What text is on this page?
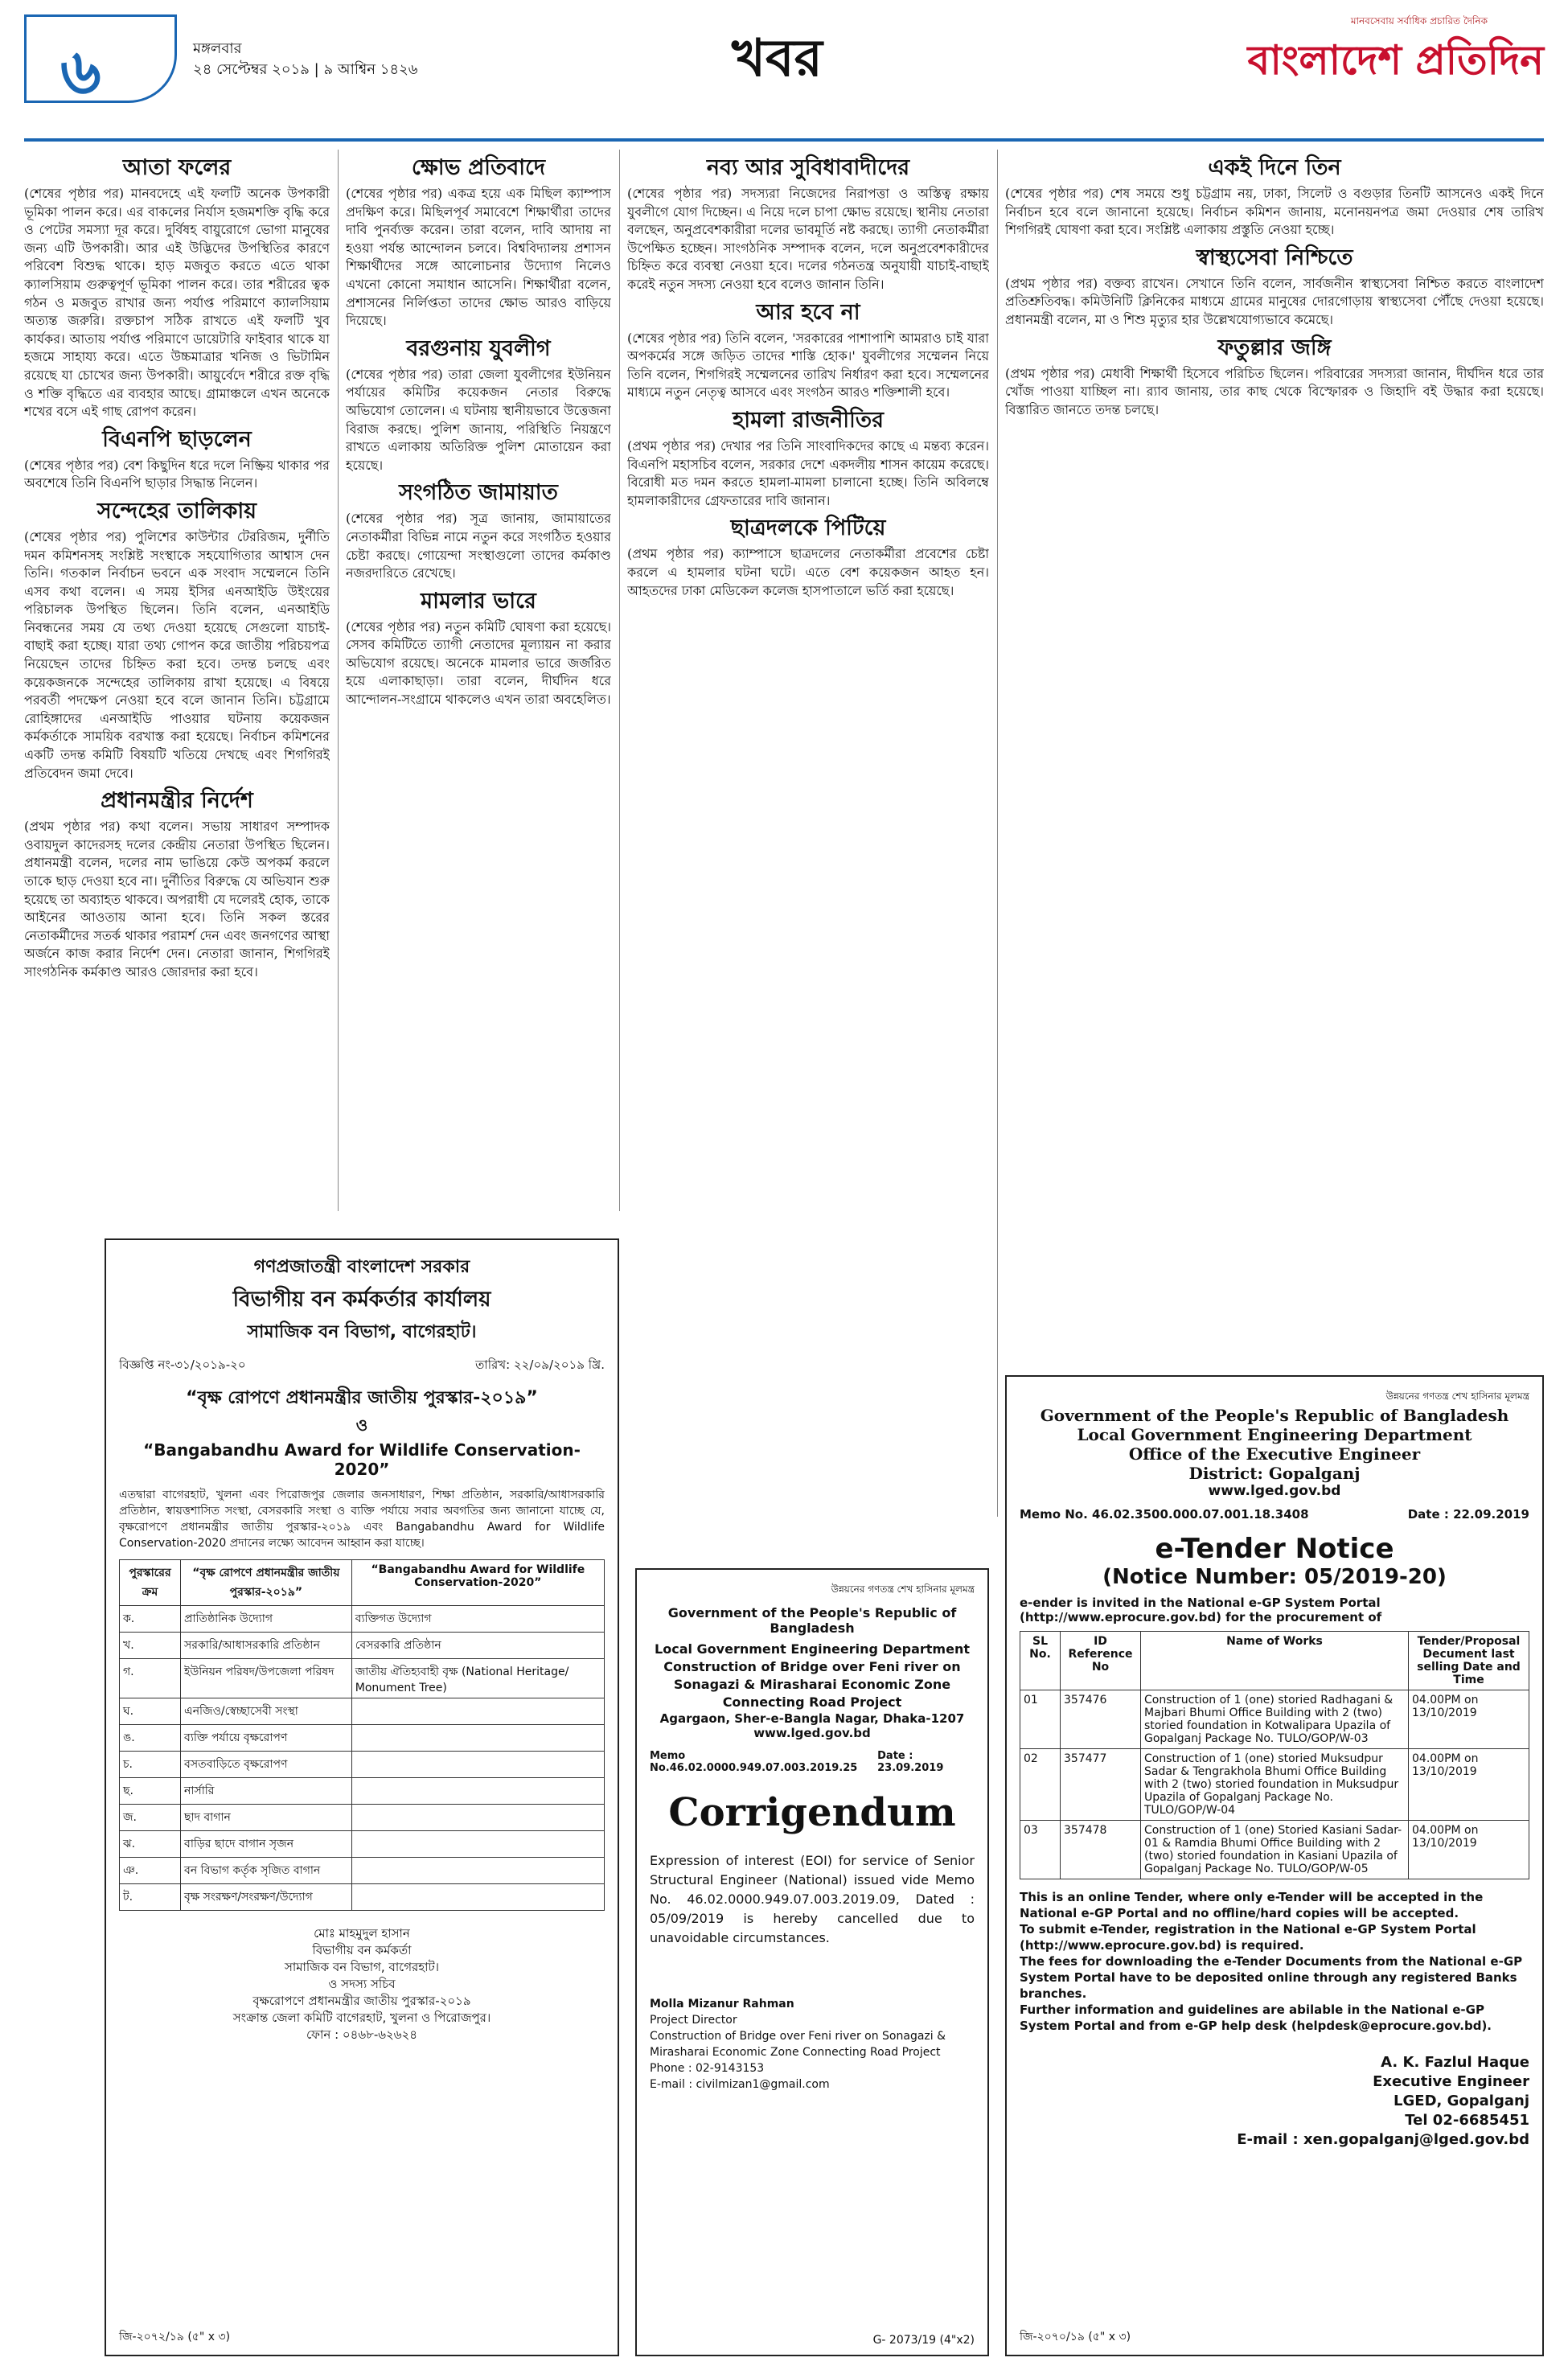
৬	মঙ্গলবার
২৪ সেপ্টেম্বর ২০১৯ | ৯ আশ্বিন ১৪২৬	খবর
মানবসেবায় সর্বাধিক প্রচারিত দৈনিক
বাংলাদেশ প্রতিদিন
আতা ফলের
(শেষের পৃষ্ঠার পর) মানবদেহে এই ফলটি অনেক উপকারী ভূমিকা পালন করে। এর বাকলের নির্যাস হজমশক্তি বৃদ্ধি করে ও পেটের সমস্যা দূর করে। দুর্বিষহ বায়ুরোগে ভোগা মানুষের জন্য এটি উপকারী। আর এই উদ্ভিদের উপস্থিতির কারণে পরিবেশ বিশুদ্ধ থাকে। হাড় মজবুত করতে এতে থাকা ক্যালসিয়াম গুরুত্বপূর্ণ ভূমিকা পালন করে। তার শরীরের ত্বক গঠন ও মজবুত রাখার জন্য পর্যাপ্ত পরিমাণে ক্যালসিয়াম অত্যন্ত জরুরি। রক্তচাপ সঠিক রাখতে এই ফলটি খুব কার্যকর। আতায় পর্যাপ্ত পরিমাণে ডায়েটারি ফাইবার থাকে যা হজমে সাহায্য করে। এতে উচ্চমাত্রার খনিজ ও ভিটামিন রয়েছে যা চোখের জন্য উপকারী। আয়ুর্বেদে শরীরে রক্ত বৃদ্ধি ও শক্তি বৃদ্ধিতে এর ব্যবহার আছে। গ্রামাঞ্চলে এখন অনেকে শখের বসে এই গাছ রোপণ করেন।
বিএনপি ছাড়লেন
(শেষের পৃষ্ঠার পর) বেশ কিছুদিন ধরে দলে নিষ্ক্রিয় থাকার পর অবশেষে তিনি বিএনপি ছাড়ার সিদ্ধান্ত নিলেন।
সন্দেহের তালিকায়
(শেষের পৃষ্ঠার পর) পুলিশের কাউন্টার টেররিজম, দুর্নীতি দমন কমিশনসহ সংশ্লিষ্ট সংস্থাকে সহযোগিতার আশ্বাস দেন তিনি। গতকাল নির্বাচন ভবনে এক সংবাদ সম্মেলনে তিনি এসব কথা বলেন। এ সময় ইসির এনআইডি উইংয়ের পরিচালক উপস্থিত ছিলেন। তিনি বলেন, এনআইডি নিবন্ধনের সময় যে তথ্য দেওয়া হয়েছে সেগুলো যাচাই-বাছাই করা হচ্ছে। যারা তথ্য গোপন করে জাতীয় পরিচয়পত্র নিয়েছেন তাদের চিহ্নিত করা হবে। তদন্ত চলছে এবং কয়েকজনকে সন্দেহের তালিকায় রাখা হয়েছে। এ বিষয়ে পরবর্তী পদক্ষেপ নেওয়া হবে বলে জানান তিনি। চট্টগ্রামে রোহিঙ্গাদের এনআইডি পাওয়ার ঘটনায় কয়েকজন কর্মকর্তাকে সাময়িক বরখাস্ত করা হয়েছে। নির্বাচন কমিশনের একটি তদন্ত কমিটি বিষয়টি খতিয়ে দেখছে এবং শিগগিরই প্রতিবেদন জমা দেবে।
প্রধানমন্ত্রীর নির্দেশ
(প্রথম পৃষ্ঠার পর) কথা বলেন। সভায় সাধারণ সম্পাদক ওবায়দুল কাদেরসহ দলের কেন্দ্রীয় নেতারা উপস্থিত ছিলেন। প্রধানমন্ত্রী বলেন, দলের নাম ভাঙিয়ে কেউ অপকর্ম করলে তাকে ছাড় দেওয়া হবে না। দুর্নীতির বিরুদ্ধে যে অভিযান শুরু হয়েছে তা অব্যাহত থাকবে। অপরাধী যে দলেরই হোক, তাকে আইনের আওতায় আনা হবে। তিনি সকল স্তরের নেতাকর্মীদের সতর্ক থাকার পরামর্শ দেন এবং জনগণের আস্থা অর্জনে কাজ করার নির্দেশ দেন। নেতারা জানান, শিগগিরই সাংগঠনিক কর্মকাণ্ড আরও জোরদার করা হবে।
ক্ষোভ প্রতিবাদে
(শেষের পৃষ্ঠার পর) একত্র হয়ে এক মিছিল ক্যাম্পাস প্রদক্ষিণ করে। মিছিলপূর্ব সমাবেশে শিক্ষার্থীরা তাদের দাবি পুনর্ব্যক্ত করেন। তারা বলেন, দাবি আদায় না হওয়া পর্যন্ত আন্দোলন চলবে। বিশ্ববিদ্যালয় প্রশাসন শিক্ষার্থীদের সঙ্গে আলোচনার উদ্যোগ নিলেও এখনো কোনো সমাধান আসেনি। শিক্ষার্থীরা বলেন, প্রশাসনের নির্লিপ্ততা তাদের ক্ষোভ আরও বাড়িয়ে দিয়েছে।
বরগুনায় যুবলীগ
(শেষের পৃষ্ঠার পর) তারা জেলা যুবলীগের ইউনিয়ন পর্যায়ের কমিটির কয়েকজন নেতার বিরুদ্ধে অভিযোগ তোলেন। এ ঘটনায় স্থানীয়ভাবে উত্তেজনা বিরাজ করছে। পুলিশ জানায়, পরিস্থিতি নিয়ন্ত্রণে রাখতে এলাকায় অতিরিক্ত পুলিশ মোতায়েন করা হয়েছে।
সংগঠিত জামায়াত
(শেষের পৃষ্ঠার পর) সূত্র জানায়, জামায়াতের নেতাকর্মীরা বিভিন্ন নামে নতুন করে সংগঠিত হওয়ার চেষ্টা করছে। গোয়েন্দা সংস্থাগুলো তাদের কর্মকাণ্ড নজরদারিতে রেখেছে।
মামলার ভারে
(শেষের পৃষ্ঠার পর) নতুন কমিটি ঘোষণা করা হয়েছে। সেসব কমিটিতে ত্যাগী নেতাদের মূল্যায়ন না করার অভিযোগ রয়েছে। অনেকে মামলার ভারে জর্জরিত হয়ে এলাকাছাড়া। তারা বলেন, দীর্ঘদিন ধরে আন্দোলন-সংগ্রামে থাকলেও এখন তারা অবহেলিত।
নব্য আর সুবিধাবাদীদের
(শেষের পৃষ্ঠার পর) সদস্যরা নিজেদের নিরাপত্তা ও অস্তিত্ব রক্ষায় যুবলীগে যোগ দিচ্ছেন। এ নিয়ে দলে চাপা ক্ষোভ রয়েছে। স্থানীয় নেতারা বলছেন, অনুপ্রবেশকারীরা দলের ভাবমূর্তি নষ্ট করছে। ত্যাগী নেতাকর্মীরা উপেক্ষিত হচ্ছেন। সাংগঠনিক সম্পাদক বলেন, দলে অনুপ্রবেশকারীদের চিহ্নিত করে ব্যবস্থা নেওয়া হবে। দলের গঠনতন্ত্র অনুযায়ী যাচাই-বাছাই করেই নতুন সদস্য নেওয়া হবে বলেও জানান তিনি।
আর হবে না
(শেষের পৃষ্ঠার পর) তিনি বলেন, 'সরকারের পাশাপাশি আমরাও চাই যারা অপকর্মের সঙ্গে জড়িত তাদের শাস্তি হোক।' যুবলীগের সম্মেলন নিয়ে তিনি বলেন, শিগগিরই সম্মেলনের তারিখ নির্ধারণ করা হবে। সম্মেলনের মাধ্যমে নতুন নেতৃত্ব আসবে এবং সংগঠন আরও শক্তিশালী হবে।
হামলা রাজনীতির
(প্রথম পৃষ্ঠার পর) দেখার পর তিনি সাংবাদিকদের কাছে এ মন্তব্য করেন। বিএনপি মহাসচিব বলেন, সরকার দেশে একদলীয় শাসন কায়েম করেছে। বিরোধী মত দমন করতে হামলা-মামলা চালানো হচ্ছে। তিনি অবিলম্বে হামলাকারীদের গ্রেফতারের দাবি জানান।
ছাত্রদলকে পিটিয়ে
(প্রথম পৃষ্ঠার পর) ক্যাম্পাসে ছাত্রদলের নেতাকর্মীরা প্রবেশের চেষ্টা করলে এ হামলার ঘটনা ঘটে। এতে বেশ কয়েকজন আহত হন। আহতদের ঢাকা মেডিকেল কলেজ হাসপাতালে ভর্তি করা হয়েছে।
একই দিনে তিন
(শেষের পৃষ্ঠার পর) শেষ সময়ে শুধু চট্টগ্রাম নয়, ঢাকা, সিলেট ও বগুড়ার তিনটি আসনেও একই দিনে নির্বাচন হবে বলে জানানো হয়েছে। নির্বাচন কমিশন জানায়, মনোনয়নপত্র জমা দেওয়ার শেষ তারিখ শিগগিরই ঘোষণা করা হবে। সংশ্লিষ্ট এলাকায় প্রস্তুতি নেওয়া হচ্ছে।
স্বাস্থ্যসেবা নিশ্চিতে
(প্রথম পৃষ্ঠার পর) বক্তব্য রাখেন। সেখানে তিনি বলেন, সার্বজনীন স্বাস্থ্যসেবা নিশ্চিত করতে বাংলাদেশ প্রতিশ্রুতিবদ্ধ। কমিউনিটি ক্লিনিকের মাধ্যমে গ্রামের মানুষের দোরগোড়ায় স্বাস্থ্যসেবা পৌঁছে দেওয়া হয়েছে। প্রধানমন্ত্রী বলেন, মা ও শিশু মৃত্যুর হার উল্লেখযোগ্যভাবে কমেছে।
ফতুল্লার জঙ্গি
(প্রথম পৃষ্ঠার পর) মেধাবী শিক্ষার্থী হিসেবে পরিচিত ছিলেন। পরিবারের সদস্যরা জানান, দীর্ঘদিন ধরে তার খোঁজ পাওয়া যাচ্ছিল না। র‍্যাব জানায়, তার কাছ থেকে বিস্ফোরক ও জিহাদি বই উদ্ধার করা হয়েছে। বিস্তারিত জানতে তদন্ত চলছে।
গণপ্রজাতন্ত্রী বাংলাদেশ সরকার
বিভাগীয় বন কর্মকর্তার কার্যালয়
সামাজিক বন বিভাগ, বাগেরহাট।
বিজ্ঞপ্তি নং-৩১/২০১৯-২০	তারিখ: ২২/০৯/২০১৯ খ্রি.
“বৃক্ষ রোপণে প্রধানমন্ত্রীর জাতীয় পুরস্কার-২০১৯”
ও
“Bangabandhu Award for Wildlife Conservation-2020”
এতদ্বারা বাগেরহাট, খুলনা এবং পিরোজপুর জেলার জনসাধারণ, শিক্ষা প্রতিষ্ঠান, সরকারি/আধাসরকারি প্রতিষ্ঠান, স্বায়ত্তশাসিত সংস্থা, বেসরকারি সংস্থা ও ব্যক্তি পর্যায়ে সবার অবগতির জন্য জানানো যাচ্ছে যে, বৃক্ষরোপণে প্রধানমন্ত্রীর জাতীয় পুরস্কার-২০১৯ এবং Bangabandhu Award for Wildlife Conservation-2020 প্রদানের লক্ষ্যে আবেদন আহ্বান করা যাচ্ছে।
পুরস্কারের ক্রম	“বৃক্ষ রোপণে প্রধানমন্ত্রীর জাতীয় পুরস্কার-২০১৯”	“Bangabandhu Award for Wildlife Conservation-2020”
ক.	প্রাতিষ্ঠানিক উদ্যোগ	ব্যক্তিগত উদ্যোগ
খ.	সরকারি/আধাসরকারি প্রতিষ্ঠান	বেসরকারি প্রতিষ্ঠান
গ.	ইউনিয়ন পরিষদ/উপজেলা পরিষদ	জাতীয় ঐতিহ্যবাহী বৃক্ষ (National Heritage/ Monument Tree)
ঘ.	এনজিও/স্বেচ্ছাসেবী সংস্থা	
ঙ.	ব্যক্তি পর্যায়ে বৃক্ষরোপণ	
চ.	বসতবাড়িতে বৃক্ষরোপণ	
ছ.	নার্সারি	
জ.	ছাদ বাগান	
ঝ.	বাড়ির ছাদে বাগান সৃজন	
ঞ.	বন বিভাগ কর্তৃক সৃজিত বাগান	
ট.	বৃক্ষ সংরক্ষণ/সংরক্ষণ/উদ্যোগ	
মোঃ মাহমুদুল হাসান
বিভাগীয় বন কর্মকর্তা
সামাজিক বন বিভাগ, বাগেরহাট।
ও সদস্য সচিব
বৃক্ষরোপণে প্রধানমন্ত্রীর জাতীয় পুরস্কার-২০১৯
সংক্রান্ত জেলা কমিটি বাগেরহাট, খুলনা ও পিরোজপুর।
ফোন : ০৪৬৮-৬২৬২৪
জি-২০৭২/১৯ (৫" x ৩)
উন্নয়নের গণতন্ত্র শেখ হাসিনার মূলমন্ত্র
Government of the People's Republic of Bangladesh
Local Government Engineering Department Construction of Bridge over Feni river on Sonagazi & Mirasharai Economic Zone Connecting Road Project
Agargaon, Sher-e-Bangla Nagar, Dhaka-1207
www.lged.gov.bd
Memo No.46.02.0000.949.07.003.2019.25
Date : 23.09.2019
Corrigendum
Expression of interest (EOI) for service of Senior Structural Engineer (National) issued vide Memo No. 46.02.0000.949.07.003.2019.09, Dated : 05/09/2019 is hereby cancelled due to unavoidable circumstances.
Molla Mizanur Rahman
Project Director
Construction of Bridge over Feni river on Sonagazi & Mirasharai Economic Zone Connecting Road Project
Phone : 02-9143153
E-mail : civilmizan1@gmail.com
G- 2073/19 (4"x2)
উন্নয়নের গণতন্ত্র শেখ হাসিনার মূলমন্ত্র
Government of the People's Republic of Bangladesh
Local Government Engineering Department
Office of the Executive Engineer
District: Gopalganj
www.lged.gov.bd
Memo No. 46.02.3500.000.07.001.18.3408	Date : 22.09.2019
e-Tender Notice
(Notice Number: 05/2019-20)
e-ender is invited in the National e-GP System Portal (http://www.eprocure.gov.bd) for the procurement of
SL No.	ID Reference No	Name of Works	Tender/Proposal Decument last selling Date and Time
01	357476	Construction of 1 (one) storied Radhagani & Majbari Bhumi Office Building with 2 (two) storied foundation in Kotwalipara Upazila of Gopalganj Package No. TULO/GOP/W-03	04.00PM on 13/10/2019
02	357477	Construction of 1 (one) storied Muksudpur Sadar & Tengrakhola Bhumi Office Building with 2 (two) storied foundation in Muksudpur Upazila of Gopalganj Package No. TULO/GOP/W-04	04.00PM on 13/10/2019
03	357478	Construction of 1 (one) Storied Kasiani Sadar-01 & Ramdia Bhumi Office Building with 2 (two) storied foundation in Kasiani Upazila of Gopalganj Package No. TULO/GOP/W-05	04.00PM on 13/10/2019
This is an online Tender, where only e-Tender will be accepted in the National e-GP Portal and no offline/hard copies will be accepted.
To submit e-Tender, registration in the National e-GP System Portal (http://www.eprocure.gov.bd) is required.
The fees for downloading the e-Tender Documents from the National e-GP System Portal have to be deposited online through any registered Banks branches.
Further information and guidelines are abilable in the National e-GP System Portal and from e-GP help desk (helpdesk@eprocure.gov.bd).
A. K. Fazlul Haque
Executive Engineer
LGED, Gopalganj
Tel 02-6685451
E-mail : xen.gopalganj@lged.gov.bd
জি-২০৭০/১৯ (৫" x ৩)
